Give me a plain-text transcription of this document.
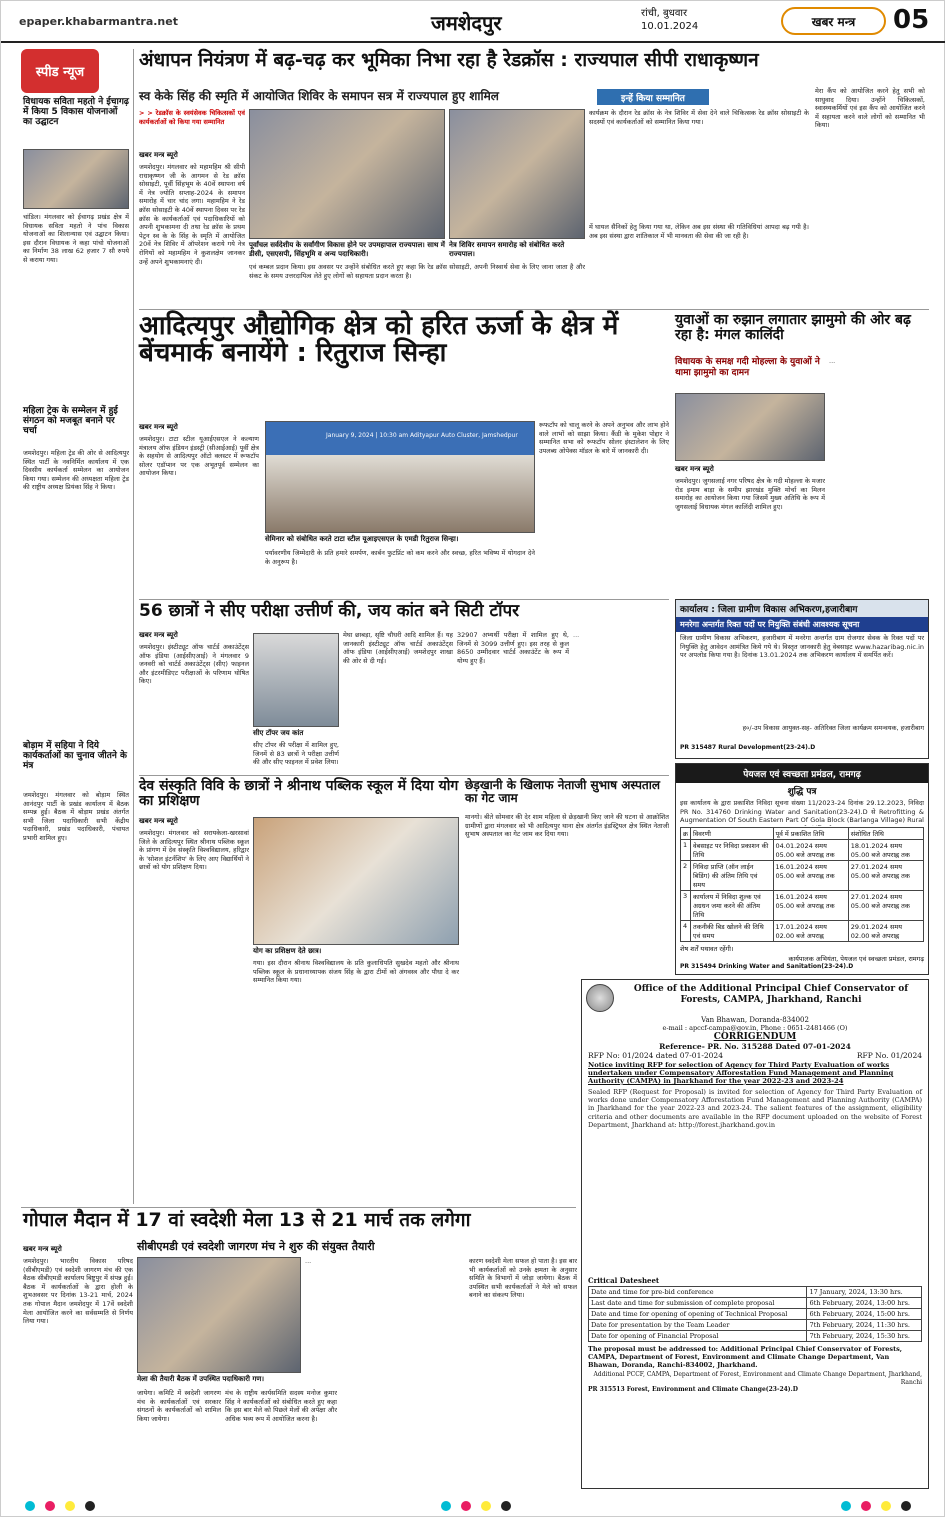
epaper.khabarmantra.net	जमशेदपुर	रांची, बुधवार
10.01.2024	खबर मन्त्र 05
स्पीड न्यूज
विधायक सविता महतो ने ईचागढ़ में किया 5 विकास योजनाओं का उद्घाटन
चांडिल। मंगलवार को ईचागढ़ प्रखंड क्षेत्र में विधायक सविता महतो ने पांच विकास योजनाओं का शिलान्यास एवं उद्घाटन किया। इस दौरान विधायक ने कहा पांचो योजनाओं का निर्माण 38 लाख 62 हजार 7 सौ रुपये से कराया गया।
महिला ट्रेक के सम्मेलन में हुई संगठन को मजबूत बनाने पर चर्चा
जमशेदपुर। महिला ट्रेड की ओर से आदित्यपुर स्थित पार्टी के नवनिर्मित कार्यालय में एक दिवसीय कार्यकर्ता सम्मेलन का आयोजन किया गया। सम्मेलन की अध्यक्षता महिला ट्रेड की राष्ट्रीय अध्यक्ष प्रियंका सिंह ने किया।
बोड़ाम में सहिया ने दिये कार्यकर्ताओं का चुनाव जीतने के मंत्र
जमशेदपुर। मंगलवार को बोड़ाम स्थित आनंदपुर पार्टी के प्रखंड कार्यालय में बैठक सम्पन्न हुई। बैठक में बोड़ाम प्रखंड अंतर्गत सभी जिला पदाधिकारी सभी केंद्रीय पदाधिकारी, प्रखंड पदाधिकारी, पंचायत प्रभारी शामिल हुए।
अंधापन नियंत्रण में बढ़-चढ़ कर भूमिका निभा रहा है रेडक्रॉस : राज्यपाल सीपी राधाकृष्णन
स्व केके सिंह की स्मृति में आयोजित शिविर के समापन सत्र में राज्यपाल हुए शामिल	इन्हें किया सम्मानित
> > रेडक्रॉस के स्वयंसेवक चिकित्सकों एवं कार्यकर्ताओं को किया गया सम्मानित
पूर्वांचल सर्वदेशीय के सर्वांगीण विकास होने पर उपमहापाल राज्यपाल। साथ में डीसी, एसएसपी, सिंहभूमि व अन्य पदाधिकारी।
नेत्र शिविर समापन समारोह को संबोधित करते राज्यपाल।
खबर मन्त्र ब्यूरो
जमशेदपुर। मंगलवार को महामहिम श्री सीपी राधाकृष्णन जी के आगमन से रेड क्रॉस सोसाइटी, पूर्वी सिंहभूम के 40वें स्थापना वर्ष में नेत्र ज्योति सप्ताह-2024 के समापन समारोह में चार चांद लगा। महामहिम ने रेड क्रॉस सोसाइटी के 40वें स्थापना दिवस पर रेड क्रॉस के कार्यकर्ताओं एवं पदाधिकारियों को अपनी शुभकामना दी तथा रेड क्रॉस के प्रथम पेट्रन स्व के के सिंह के स्मृति में आयोजित 20वें नेत्र शिविर में ऑपरेशन कराये गये नेत्र रोगियों को महामहिम ने कुशलक्षेम जानकर उन्हें अपने शुभकामनाएं दी।
एवं कम्बल प्रदान किया। इस अवसर पर उन्होंने संबोधित करते हुए कहा कि रेड क्रॉस सोसाइटी, अपनी निस्वार्थ सेवा के लिए जाना जाता है और संकट के समय उत्तरदायित्व लेते हुए लोगों को सहायता प्रदान करता है।
कार्यक्रम के दौरान रेड क्रॉस के नेत्र शिविर में सेवा देने वाले चिकित्सक रेड क्रॉस सोसाइटी के सदस्यों एवं कार्यकर्ताओं को सम्मानित किया गया।
में घायल सैनिकों हेतु किया गया था, लेकिन अब इस संस्था की गतिविधियां आपदा बढ़ गयी है। अब इस संस्था द्वारा शांतिकाल में भी मानवता की सेवा की जा रही है।
मेरा कैंप को आयोजित करने हेतु सभी को साधुवाद दिया। उन्होंने चिकित्सकों, स्वास्थ्यकर्मियों एवं इस कैंप को आयोजित करने में सहायता करने वाले लोगों को सम्मानित भी किया।
आदित्यपुर औद्योगिक क्षेत्र को हरित ऊर्जा के क्षेत्र में बेंचमार्क बनायेंगे : रितुराज सिन्हा
खबर मन्त्र ब्यूरो
जमशेदपुर। टाटा स्टील यूआईएसएल ने कल्याण मंत्रालय ऑफ इंडियन इंडस्ट्री (सीआईआई) पूर्वी क्षेत्र के सहयोग से आदित्यपुर ऑटो क्लस्टर में रूफटॉप सोलर एडॉप्शन पर एक अभूतपूर्व सम्मेलन का आयोजन किया।
January 9, 2024 | 10:30 am Adityapur Auto Cluster, Jamshedpur
सेमिनार को संबोधित करते टाटा स्टील यूआइएसएल के एमडी रितुराज सिन्हा।
पर्यावरणीय जिम्मेदारी के प्रति हमारे समर्पण, कार्बन फुटप्रिंट को कम करने और स्वच्छ, हरित भविष्य में योगदान देने के अनुरूप है।
रूफटॉप को चालू करने के अपने अनुभव और लाभ होने वाले लाभों को साझा किया। कैंडी के मुकेश पोद्दार ने सम्मानित सभा को रूफटॉप सोलर इंस्टालेशन के लिए उपलब्ध ओपेक्स मॉडल के बारे में जानकारी दी।
युवाओं का रुझान लगातार झामुमो की ओर बढ़ रहा है: मंगल कालिंदी
विधायक के समक्ष गदी मोहल्ला के युवाओं ने थामा झामुमो का दामन
खबर मन्त्र ब्यूरो
जमशेदपुर। जुगसलाई नगर परिषद क्षेत्र के गदी मोहल्ला के मजार रोड इमाम बाड़ा के समीप झारखंड मुक्ति मोर्चा का मिलन समारोह का आयोजन किया गया जिसमें मुख्य अतिथि के रूप में जुगसलाई विधायक मंगल कालिंदी शामिल हुए।
...
56 छात्रों ने सीए परीक्षा उत्तीर्ण की, जय कांत बने सिटी टॉपर
खबर मन्त्र ब्यूरो
जमशेदपुर। इंस्टीट्यूट ऑफ चार्टर्ड अकाउंटेंट्स ऑफ इंडिया (आईसीएआई) ने मंगलवार 9 जनवरी को चार्टर्ड अकाउंटेंट्स (सीए) फाइनल और इंटरमीडिएट परीक्षाओं के परिणाम घोषित किए।
सीए टॉपर जय कांत
सीए टॉपर की परीक्षा में शामिल हुए, जिनमें से 83 छात्रों ने परीक्षा उत्तीर्ण की और सीए फाइनल में प्रवेश लिया।
मेघा छाबड़ा, सृष्टि चौधरी आदि शामिल हैं। यह जानकारी इंस्टीट्यूट ऑफ चार्टर्ड अकाउंटेंट्स ऑफ इंडिया (आईसीएआई) जमशेदपुर शाखा की ओर से दी गई।
32907 अभ्यर्थी परीक्षा में शामिल हुए थे, जिनमें से 3099 उत्तीर्ण हुए। इस तरह से कुल 8650 उम्मीदवार चार्टर्ड अकाउंटेंट के रूप में योग्य हुए हैं।
...
देव संस्कृति विवि के छात्रों ने श्रीनाथ पब्लिक स्कूल में दिया योग का प्रशिक्षण
खबर मन्त्र ब्यूरो
जमशेदपुर। मंगलवार को सरायकेला-खरसावां जिले के आदित्यपुर स्थित श्रीनाथ पब्लिक स्कूल के प्रांगण में देव संस्कृति विश्वविद्यालय, हरिद्वार के 'सोशल इंटर्नशिप' के लिए आए विद्यार्थियों ने छात्रों को योग प्रशिक्षण दिया।
योग का प्रशिक्षण देते छात्र।
गया। इस दौरान श्रीनाथ विश्वविद्यालय के प्रति कुलाधिपति सुखदेव महतो और श्रीनाथ पब्लिक स्कूल के प्रधानाध्यापक संजय सिंह के द्वारा टीमों को अंगवस्त्र और पौधा दे कर सम्मानित किया गया।
छेड़खानी के खिलाफ नेताजी सुभाष अस्पताल का गेट जाम
मानगो। बीते सोमवार की देर शाम महिला से छेड़खानी किए जाने की घटना से आक्रोशित ग्रामीणों द्वारा मंगलवार को भी आदित्यपुर थाना क्षेत्र अंतर्गत इंडस्ट्रियल क्षेत्र स्थित नेताजी सुभाष अस्पताल का गेट जाम कर दिया गया।
कार्यालय : जिला ग्रामीण विकास अभिकरण,हजारीबाग
मनरेगा अन्तर्गत रिक्त पदों पर नियुक्ति संबंधी आवश्यक सूचना
जिला ग्रामीण विकास अभिकरण, हजारीबाग में मनरेगा अन्तर्गत ग्राम रोजगार सेवक के रिक्त पदों पर नियुक्ति हेतु आवेदन आमंत्रित किये गये थे। विस्तृत जानकारी हेतु वेबसाइट www.hazaribag.nic.in पर अपलोड किया गया है। दिनांक 13.01.2024 तक अभिकरण कार्यालय में समर्पित करें।
ह०/-उप विकास आयुक्त-सह- अतिरिक्त जिला कार्यक्रम समन्वयक, हजारीबाग
PR 315487 Rural Development(23-24).D
पेयजल एवं स्वच्छता प्रमंडल, रामगढ़
शुद्धि पत्र
इस कार्यालय के द्वारा प्रकाशित निविदा सूचना संख्या 11/2023-24 दिनांक 29.12.2023, निविदा PR No. 314760 Drinking Water and Sanitation(23-24).D से Retrofitting & Augmentation Of South Eastern Part Of Gola Block (Barlanga Village) Rural
क्र	विवरणी	पूर्व में प्रकाशित तिथि	संशोधित तिथि
1	वेबसाइट पर निविदा प्रकाशन की तिथि	04.01.2024 समय 05.00 बजे अपराह्न तक	18.01.2024 समय 05.00 बजे अपराह्न तक
2	निविदा प्राप्ति (ऑन लाईन बिडिंग) की अंतिम तिथि एवं समय	16.01.2024 समय 05.00 बजे अपराह्न तक	27.01.2024 समय 05.00 बजे अपराह्न तक
3	कार्यालय में निविदा शुल्क एवं अग्रधन जमा करने की अंतिम तिथि	16.01.2024 समय 05.00 बजे अपराह्न तक	27.01.2024 समय 05.00 बजे अपराह्न तक
4	तकनीकी बिड खोलने की तिथि एवं समय	17.01.2024 समय 02.00 बजे अपराह्न	29.01.2024 समय 02.00 बजे अपराह्न
शेष शर्तें यथावत रहेंगी।
कार्यपालक अभियंता, पेयजल एवं स्वच्छता प्रमंडल, रामगढ़
PR 315494 Drinking Water and Sanitation(23-24).D
Office of the Additional Principal Chief Conservator of Forests, CAMPA, Jharkhand, Ranchi
Van Bhawan, Doranda-834002
e-mail : apccf-campa@gov.in, Phone : 0651-2481466 (O)
CORRIGENDUM
Reference- PR. No. 315288 Dated 07-01-2024
RFP No: 01/2024 dated 07-01-2024	RFP No. 01/2024
Notice inviting RFP for selection of Agency for Third Party Evaluation of works undertaken under Compensatory Afforestation Fund Management and Planning Authority (CAMPA) in Jharkhand for the year 2022-23 and 2023-24
Sealed RFP (Request for Proposal) is invited for selection of Agency for Third Party Evaluation of works done under Compensatory Afforestation Fund Management and Planning Authority (CAMPA) in Jharkhand for the year 2022-23 and 2023-24. The salient features of the assignment, eligibility criteria and other documents are available in the RFP document uploaded on the website of Forest Department, Jharkhand at: http://forest.jharkhand.gov.in
Critical Datesheet
Date and time for pre-bid conference	17 January, 2024, 13:30 hrs.
Last date and time for submission of complete proposal	6th February, 2024, 13:00 hrs.
Date and time for opening of opening of Technical Proposal	6th February, 2024, 15:00 hrs.
Date for presentation by the Team Leader	7th February, 2024, 11:30 hrs.
Date for opening of Financial Proposal	7th February, 2024, 15:30 hrs.
The proposal must be addressed to: Additional Principal Chief Conservator of Forests, CAMPA, Department of Forest, Environment and Climate Change Department, Van Bhawan, Doranda, Ranchi-834002, Jharkhand.
Additional PCCF, CAMPA, Department of Forest, Environment and Climate Change Department, Jharkhand, Ranchi
PR 315513 Forest, Environment and Climate Change(23-24).D
गोपाल मैदान में 17 वां स्वदेशी मेला 13 से 21 मार्च तक लगेगा
खबर मन्त्र ब्यूरो	सीबीएमडी एवं स्वदेशी जागरण मंच ने शुरु की संयुक्त तैयारी
जमशेदपुर। भारतीय विकास परिषद (सीबीएमडी) एवं स्वदेशी जागरण मंच की एक बैठक सीबीएमडी कार्यालय बिष्टुपुर में संपन्न हुई। बैठक में कार्यकर्ताओं के द्वारा होली के शुभअवसर पर दिनांक 13-21 मार्च, 2024 तक गोपाल मैदान जमशेदपुर में 17वें स्वदेशी मेला आयोजित करने का सर्वसम्मति से निर्णय लिया गया।
मेला की तैयारी बैठक में उपस्थित पदाधिकारी गण।
जायेगा। कमिटि में स्वदेशी जागरण मंच के कार्यकर्ताओं एवं सरकार संगठनों के कार्यकर्ताओं को शामिल किया जायेगा।
मंच के राष्ट्रीय कार्यसमिति सदस्य मनोज कुमार सिंह ने कार्यकर्ताओं को संबोधित करते हुए कहा कि इस बार मेले को पिछले मेलों की अपेक्षा और अधिक भव्य रूप में आयोजित करना है।
...	कारण स्वदेशी मेला सफल हो पाता है। इस बार भी कार्यकर्ताओं को उनके क्षमता के अनुसार समिति के विभागों में जोड़ा जायेगा। बैठक में उपस्थित सभी कार्यकर्ताओं ने मेले को सफल बनाने का संकल्प लिया।
